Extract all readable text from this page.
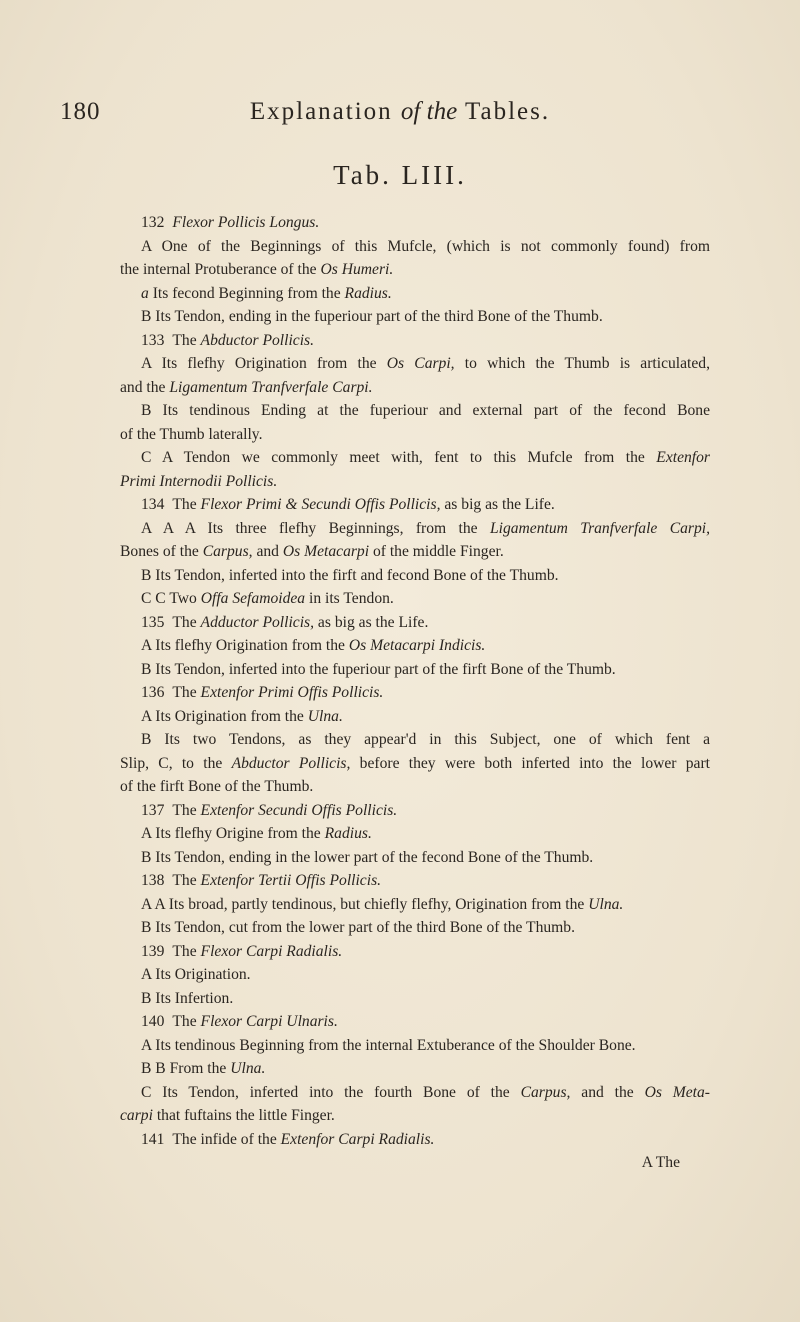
180	Explanation of the Tables.
Tab. LIII.
132 Flexor Pollicis Longus.
A One of the Beginnings of this Mufcle, (which is not commonly found) from
the internal Protuberance of the Os Humeri.
a Its fecond Beginning from the Radius.
B Its Tendon, ending in the fuperiour part of the third Bone of the Thumb.
133 The Abductor Pollicis.
A Its flefhy Origination from the Os Carpi, to which the Thumb is articulated,
and the Ligamentum Tranfverfale Carpi.
B Its tendinous Ending at the fuperiour and external part of the fecond Bone
of the Thumb laterally.
C A Tendon we commonly meet with, fent to this Mufcle from the Extenfor
Primi Internodii Pollicis.
134 The Flexor Primi & Secundi Offis Pollicis, as big as the Life.
A A A Its three flefhy Beginnings, from the Ligamentum Tranfverfale Carpi,
Bones of the Carpus, and Os Metacarpi of the middle Finger.
B Its Tendon, inferted into the firft and fecond Bone of the Thumb.
C C Two Offa Sefamoidea in its Tendon.
135 The Adductor Pollicis, as big as the Life.
A Its flefhy Origination from the Os Metacarpi Indicis.
B Its Tendon, inferted into the fuperiour part of the firft Bone of the Thumb.
136 The Extenfor Primi Offis Pollicis.
A Its Origination from the Ulna.
B Its two Tendons, as they appear'd in this Subject, one of which fent a
Slip, C, to the Abductor Pollicis, before they were both inferted into the lower part
of the firft Bone of the Thumb.
137 The Extenfor Secundi Offis Pollicis.
A Its flefhy Origine from the Radius.
B Its Tendon, ending in the lower part of the fecond Bone of the Thumb.
138 The Extenfor Tertii Offis Pollicis.
A A Its broad, partly tendinous, but chiefly flefhy, Origination from the Ulna.
B Its Tendon, cut from the lower part of the third Bone of the Thumb.
139 The Flexor Carpi Radialis.
A Its Origination.
B Its Infertion.
140 The Flexor Carpi Ulnaris.
A Its tendinous Beginning from the internal Extuberance of the Shoulder Bone.
B B From the Ulna.
C Its Tendon, inferted into the fourth Bone of the Carpus, and the Os Meta-
carpi that fuftains the little Finger.
141 The infide of the Extenfor Carpi Radialis.
A The
